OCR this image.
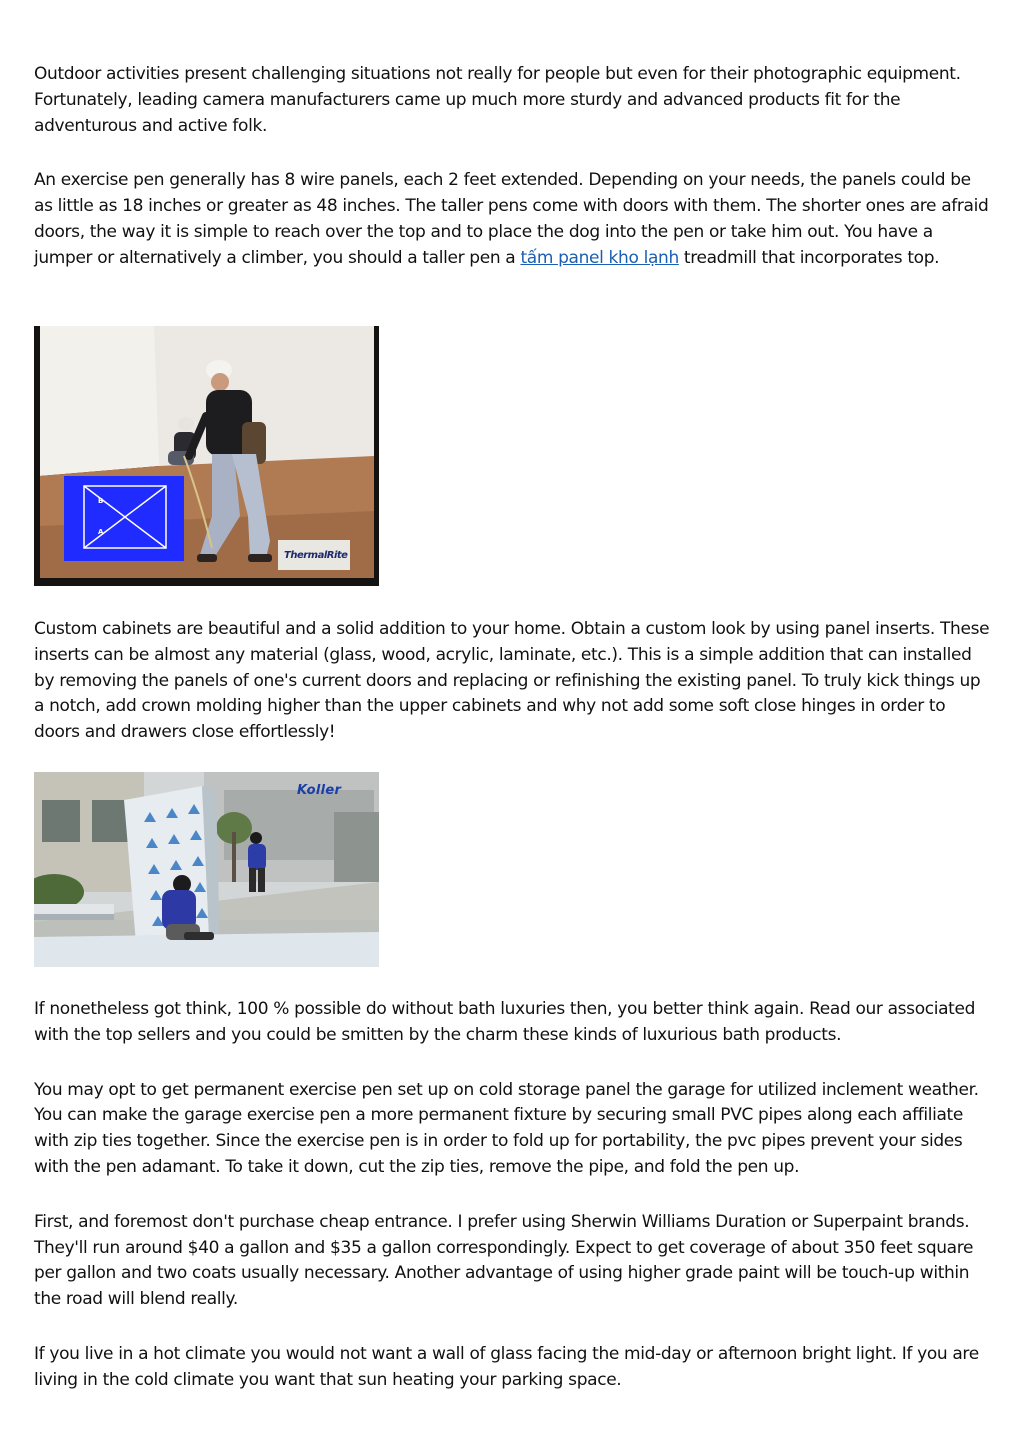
Outdoor activities present challenging situations not really for people but even for their photographic equipment. Fortunately, leading camera manufacturers came up much more sturdy and advanced products fit for the adventurous and active folk.

An exercise pen generally has 8 wire panels, each 2 feet extended. Depending on your needs, the panels could be as little as 18 inches or greater as 48 inches. The taller pens come with doors with them. The shorter ones are afraid doors, the way it is simple to reach over the top and to place the dog into the pen or take him out. You have a jumper or alternatively a climber, you should a taller pen a tấm panel kho lạnh treadmill that incorporates top.

B
A
ThermalRite

Custom cabinets are beautiful and a solid addition to your home. Obtain a custom look by using panel inserts. These inserts can be almost any material (glass, wood, acrylic, laminate, etc.). This is a simple addition that can installed by removing the panels of one's current doors and replacing or refinishing the existing panel. To truly kick things up a notch, add crown molding higher than the upper cabinets and why not add some soft close hinges in order to doors and drawers close effortlessly!

Koller

If nonetheless got think, 100 % possible do without bath luxuries then, you better think again. Read our associated with the top sellers and you could be smitten by the charm these kinds of luxurious bath products.

You may opt to get permanent exercise pen set up on cold storage panel the garage for utilized inclement weather. You can make the garage exercise pen a more permanent fixture by securing small PVC pipes along each affiliate with zip ties together. Since the exercise pen is in order to fold up for portability, the pvc pipes prevent your sides with the pen adamant. To take it down, cut the zip ties, remove the pipe, and fold the pen up.

First, and foremost don't purchase cheap entrance. I prefer using Sherwin Williams Duration or Superpaint brands. They'll run around $40 a gallon and $35 a gallon correspondingly. Expect to get coverage of about 350 feet square per gallon and two coats usually necessary. Another advantage of using higher grade paint will be touch-up within the road will blend really.

If you live in a hot climate you would not want a wall of glass facing the mid-day or afternoon bright light. If you are living in the cold climate you want that sun heating your parking space.
